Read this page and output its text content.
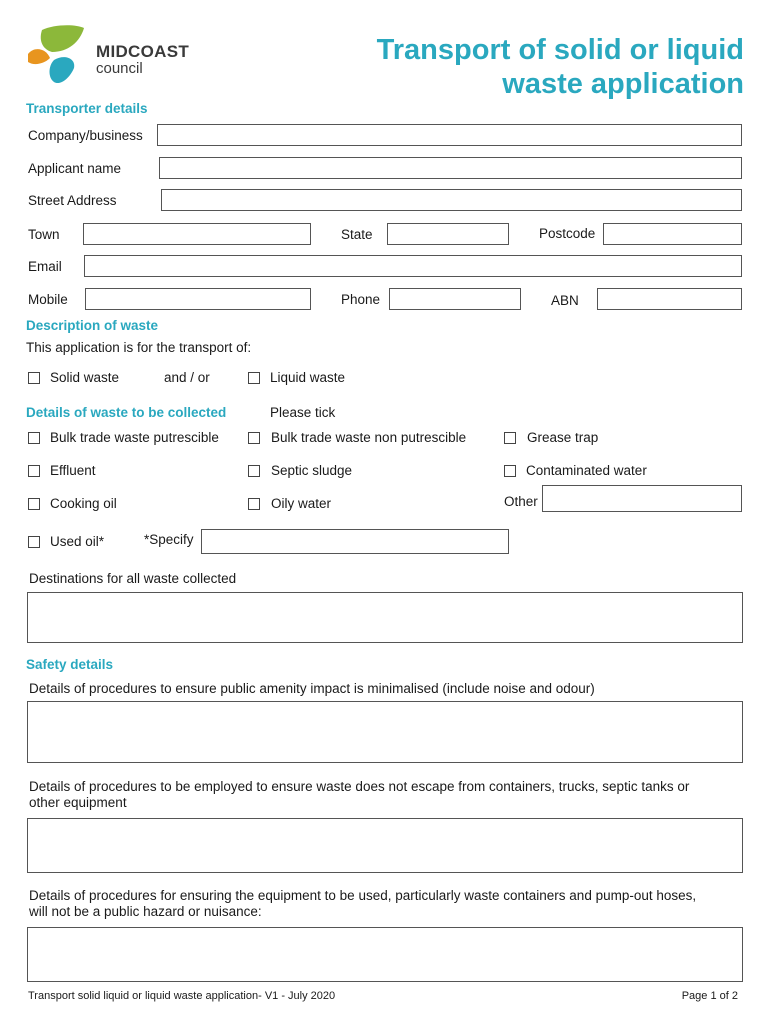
MIDCOAST
council
Transport of solid or liquid
waste application
Transporter details
Company/business
Applicant name
Street Address
Town	State	Postcode
Email
Mobile	Phone	ABN
Description of waste
This application is for the transport of:
Solid waste	and / or	Liquid waste
Details of waste to be collected	Please tick
Bulk trade waste putrescible	Bulk trade waste non putrescible	Grease trap
Effluent	Septic sludge	Contaminated water
Cooking oil	Oily water	Other
Used oil*	*Specify
Destinations for all waste collected
Safety details
Details of procedures to ensure public amenity impact is minimalised (include noise and odour)
Details of procedures to be employed to ensure waste does not escape from containers, trucks, septic tanks or
other equipment
Details of procedures for ensuring the equipment to be used, particularly waste containers and pump-out hoses,
will not be a public hazard or nuisance:
Transport solid liquid or liquid waste application- V1 - July 2020	Page 1 of 2
